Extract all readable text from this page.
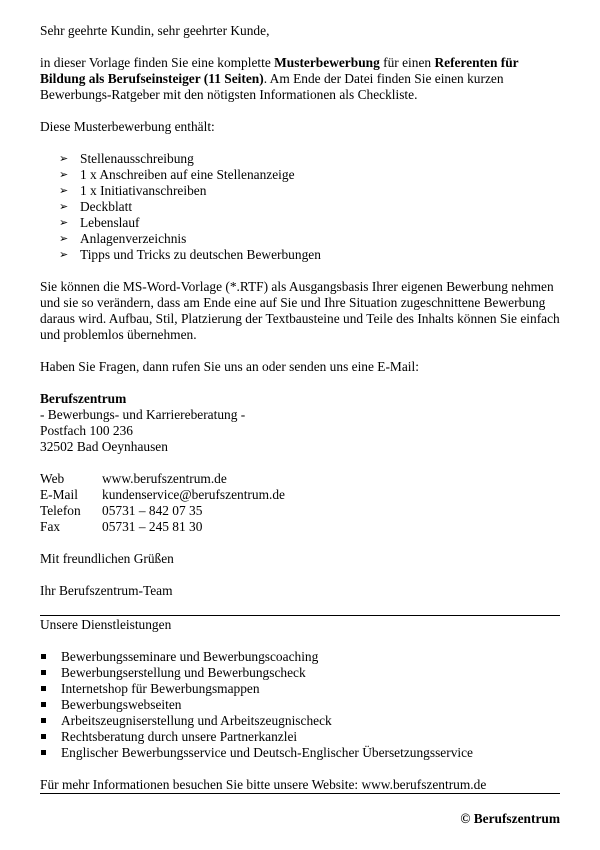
Sehr geehrte Kundin, sehr geehrter Kunde,

in dieser Vorlage finden Sie eine komplette Musterbewerbung für einen Referenten für Bildung als Berufseinsteiger (11 Seiten). Am Ende der Datei finden Sie einen kurzen Bewerbungs-Ratgeber mit den nötigsten Informationen als Checkliste.

Diese Musterbewerbung enthält:

➢ Stellenausschreibung
➢ 1 x Anschreiben auf eine Stellenanzeige
➢ 1 x Initiativanschreiben
➢ Deckblatt
➢ Lebenslauf
➢ Anlagenverzeichnis
➢ Tipps und Tricks zu deutschen Bewerbungen

Sie können die MS-Word-Vorlage (*.RTF) als Ausgangsbasis Ihrer eigenen Bewerbung nehmen und sie so verändern, dass am Ende eine auf Sie und Ihre Situation zugeschnittene Bewerbung daraus wird. Aufbau, Stil, Platzierung der Textbausteine und Teile des Inhalts können Sie einfach und problemlos übernehmen.

Haben Sie Fragen, dann rufen Sie uns an oder senden uns eine E-Mail:

Berufszentrum

- Bewerbungs- und Karriereberatung -

Postfach 100 236

32502 Bad Oeynhausen

Web	www.berufszentrum.de
E-Mail kundenservice@berufszentrum.de
Telefon 05731 – 842 07 35
Fax	05731 – 245 81 30

Mit freundlichen Grüßen

Ihr Berufszentrum-Team

Unsere Dienstleistungen

Bewerbungsseminare und Bewerbungscoaching
Bewerbungserstellung und Bewerbungscheck
Internetshop für Bewerbungsmappen
Bewerbungswebseiten
Arbeitszeugniserstellung und Arbeitszeugnischeck
Rechtsberatung durch unsere Partnerkanzlei
Englischer Bewerbungsservice und Deutsch-Englischer Übersetzungsservice

Für mehr Informationen besuchen Sie bitte unsere Website: www.berufszentrum.de

© Berufszentrum
